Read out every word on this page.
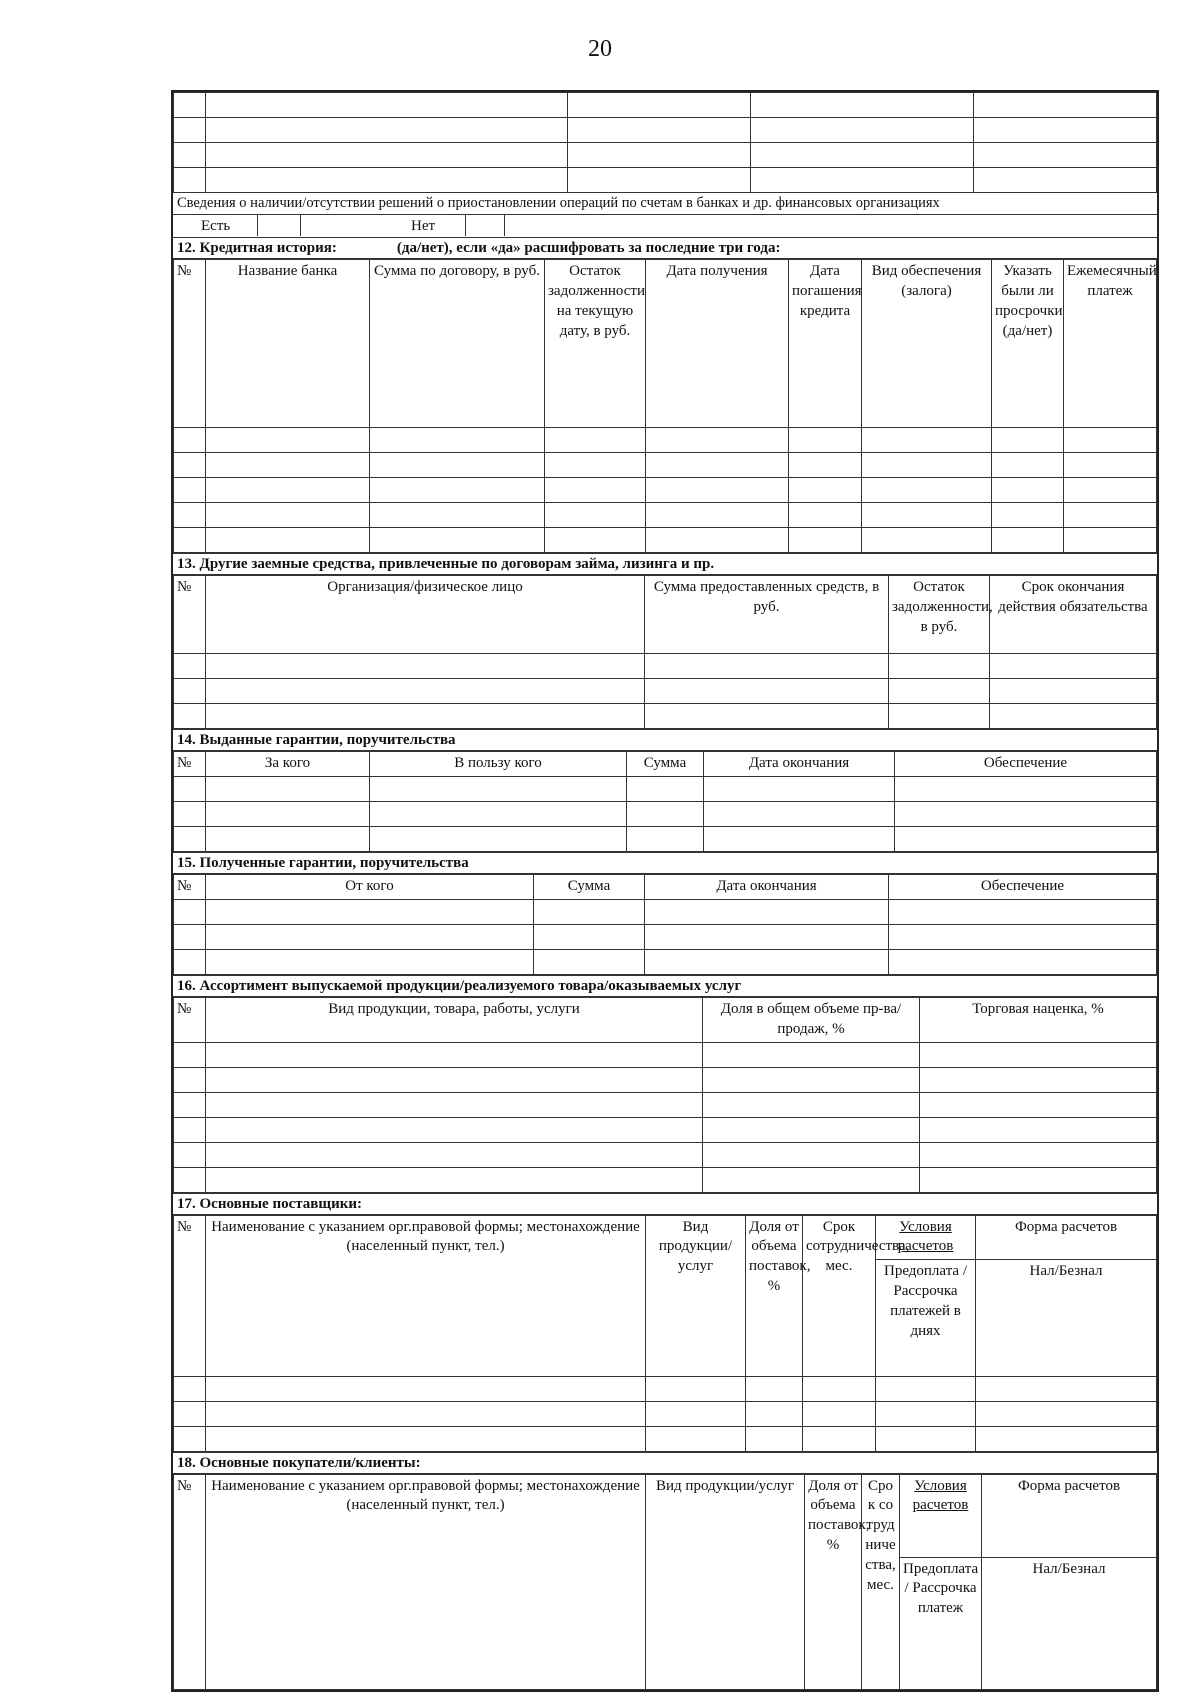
20

Сведения о наличии/отсутствии решений о приостановлении операций по счетам в банках и др. финансовых организациях
Есть	Нет
12. Кредитная история:	(да/нет), если «да» расшифровать за последние три года:
№	Название банка	Сумма по договору, в руб.	Остаток задолженности на текущую дату, в руб.	Дата получения	Дата погашения кредита	Вид обеспечения (залога)	Указать были ли просрочки (да/нет)	Ежемесячный платеж

13. Другие заемные средства, привлеченные по договорам займа, лизинга и пр.
№	Организация/физическое лицо	Сумма предоставленных средств, в руб.	Остаток задолженности, в руб.	Срок окончания действия обязательства

14. Выданные гарантии, поручительства
№	За кого	В пользу кого	Сумма	Дата окончания	Обеспечение

15. Полученные гарантии, поручительства
№	От кого	Сумма	Дата окончания	Обеспечение

16. Ассортимент выпускаемой продукции/реализуемого товара/оказываемых услуг
№	Вид продукции, товара, работы, услуги	Доля в общем объеме пр-ва/продаж, %	Торговая наценка, %

17. Основные поставщики:
№	Наименование с указанием орг.правовой формы; местонахождение (населенный пункт, тел.)	Вид продукции/услуг	Доля от объема поставок, %	Срок сотрудничества, мес.	Условия расчетов	Форма расчетов
					Предоплата / Рассрочка платежей в днях	Нал/Безнал

18. Основные покупатели/клиенты:
№	Наименование с указанием орг.правовой формы; местонахождение (населенный пункт, тел.)	Вид продукции/услуг	Доля от объема поставок, %	Срок сотрудничества, мес.	Условия расчетов	Форма расчетов
					Предоплата / Рассрочка платеж	Нал/Безнал
